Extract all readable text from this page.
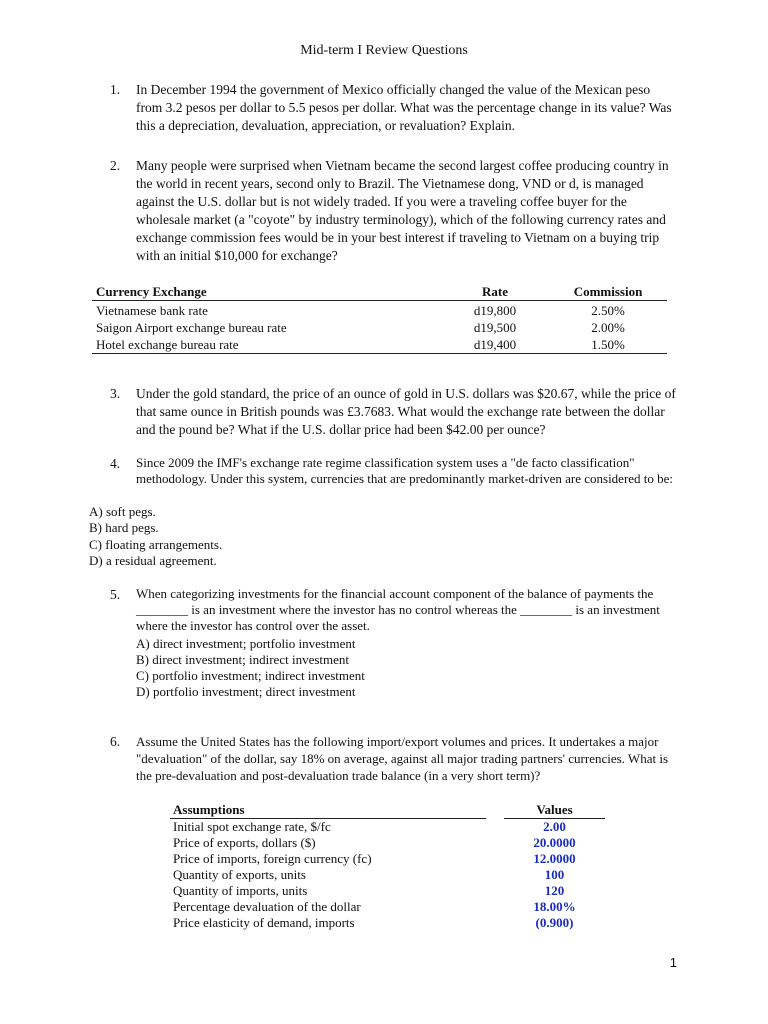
Mid-term I Review Questions
1. In December 1994 the government of Mexico officially changed the value of the Mexican peso from 3.2 pesos per dollar to 5.5 pesos per dollar. What was the percentage change in its value? Was this a depreciation, devaluation, appreciation, or revaluation? Explain.
2. Many people were surprised when Vietnam became the second largest coffee producing country in the world in recent years, second only to Brazil. The Vietnamese dong, VND or d, is managed against the U.S. dollar but is not widely traded. If you were a traveling coffee buyer for the wholesale market (a "coyote" by industry terminology), which of the following currency rates and exchange commission fees would be in your best interest if traveling to Vietnam on a buying trip with an initial $10,000 for exchange?
Currency Exchange	Rate	Commission
Vietnamese bank rate	d19,800	2.50%
Saigon Airport exchange bureau rate	d19,500	2.00%
Hotel exchange bureau rate	d19,400	1.50%
3. Under the gold standard, the price of an ounce of gold in U.S. dollars was $20.67, while the price of that same ounce in British pounds was £3.7683. What would the exchange rate between the dollar and the pound be? What if the U.S. dollar price had been $42.00 per ounce?
4. Since 2009 the IMF's exchange rate regime classification system uses a "de facto classification" methodology. Under this system, currencies that are predominantly market-driven are considered to be:
A) soft pegs.
B) hard pegs.
C) floating arrangements.
D) a residual agreement.
5. When categorizing investments for the financial account component of the balance of payments the ________ is an investment where the investor has no control whereas the ________ is an investment where the investor has control over the asset.
A) direct investment; portfolio investment
B) direct investment; indirect investment
C) portfolio investment; indirect investment
D) portfolio investment; direct investment
6. Assume the United States has the following import/export volumes and prices. It undertakes a major "devaluation" of the dollar, say 18% on average, against all major trading partners' currencies. What is the pre-devaluation and post-devaluation trade balance (in a very short term)?
Assumptions		Values
Initial spot exchange rate, $/fc		2.00
Price of exports, dollars ($)		20.0000
Price of imports, foreign currency (fc)		12.0000
Quantity of exports, units		100
Quantity of imports, units		120
Percentage devaluation of the dollar		18.00%
Price elasticity of demand, imports		(0.900)
1
